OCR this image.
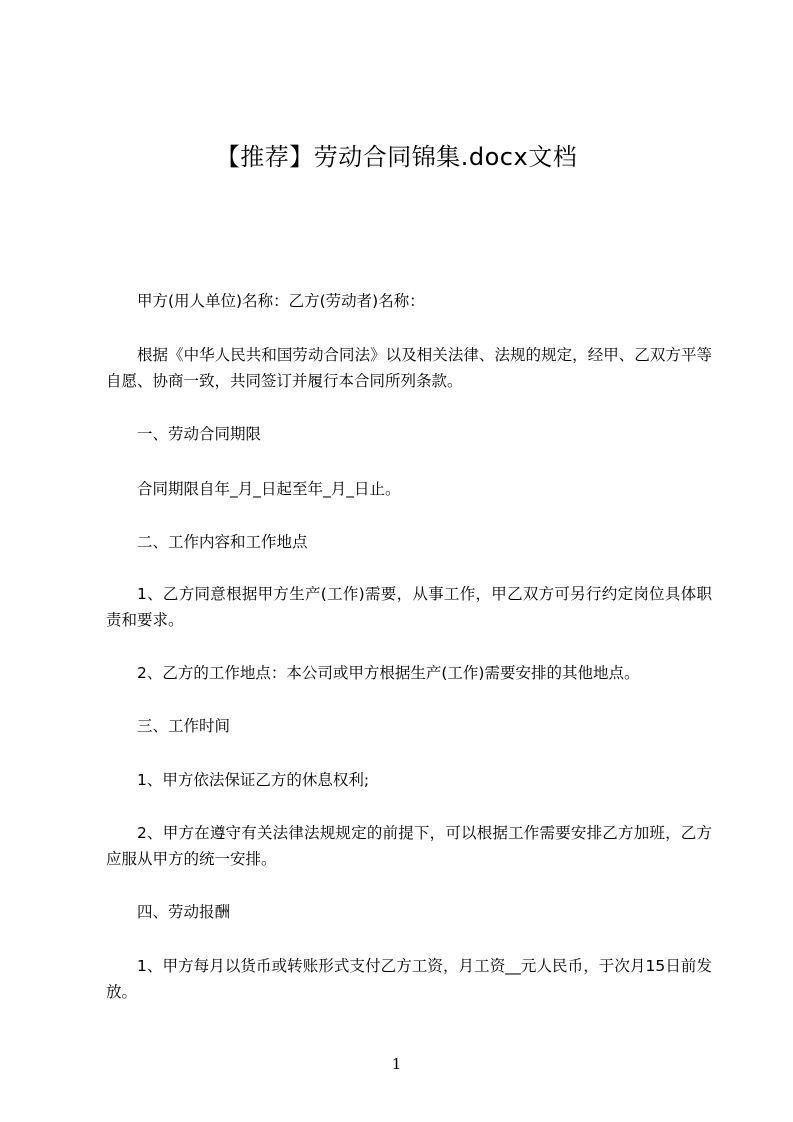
【推荐】劳动合同锦集.docx文档

甲方(用人单位)名称：乙方(劳动者)名称：

根据《中华人民共和国劳动合同法》以及相关法律、法规的规定，经甲、乙双方平等自愿、协商一致，共同签订并履行本合同所列条款。

一、劳动合同期限

合同期限自年_月_日起至年_月_日止。

二、工作内容和工作地点

1、乙方同意根据甲方生产(工作)需要，从事工作，甲乙双方可另行约定岗位具体职责和要求。

2、乙方的工作地点：本公司或甲方根据生产(工作)需要安排的其他地点。

三、工作时间

1、甲方依法保证乙方的休息权利;

2、甲方在遵守有关法律法规规定的前提下，可以根据工作需要安排乙方加班，乙方应服从甲方的统一安排。

四、劳动报酬

1、甲方每月以货币或转账形式支付乙方工资，月工资__元人民币，于次月15日前发放。

1
